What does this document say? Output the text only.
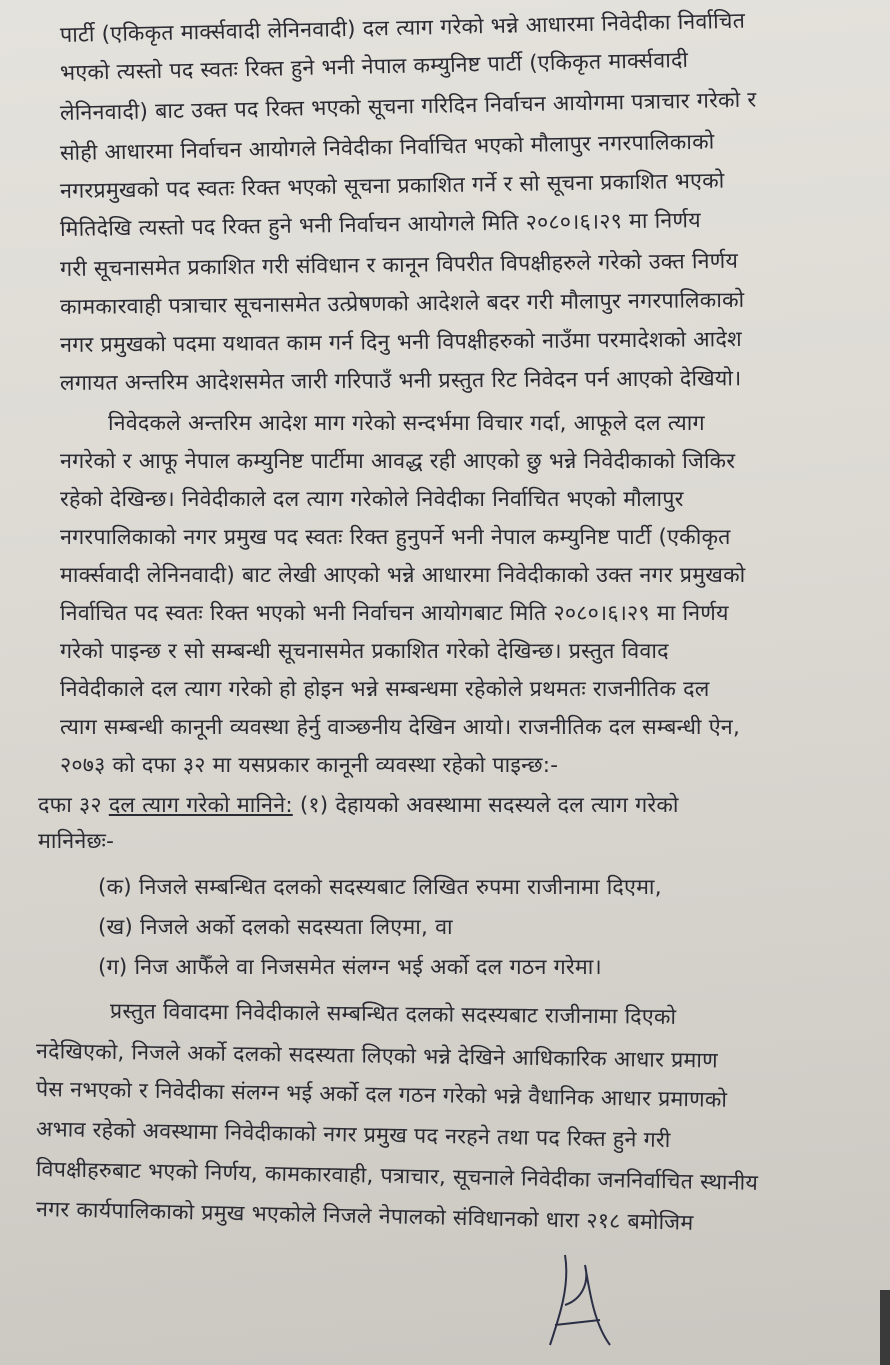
पार्टी (एकिकृत मार्क्सवादी लेनिनवादी) दल त्याग गरेको भन्ने आधारमा निवेदीका निर्वाचित
भएको त्यस्तो पद स्वतः रिक्त हुने भनी नेपाल कम्युनिष्ट पार्टी (एकिकृत मार्क्सवादी
लेनिनवादी) बाट उक्त पद रिक्त भएको सूचना गरिदिन निर्वाचन आयोगमा पत्राचार गरेको र
सोही आधारमा निर्वाचन आयोगले निवेदीका निर्वाचित भएको मौलापुर नगरपालिकाको
नगरप्रमुखको पद स्वतः रिक्त भएको सूचना प्रकाशित गर्ने र सो सूचना प्रकाशित भएको
मितिदेखि त्यस्तो पद रिक्त हुने भनी निर्वाचन आयोगले मिति २०८०।६।२९ मा निर्णय
गरी सूचनासमेत प्रकाशित गरी संविधान र कानून विपरीत विपक्षीहरुले गरेको उक्त निर्णय
कामकारवाही पत्राचार सूचनासमेत उत्प्रेषणको आदेशले बदर गरी मौलापुर नगरपालिकाको
नगर प्रमुखको पदमा यथावत काम गर्न दिनु भनी विपक्षीहरुको नाउँमा परमादेशको आदेश
लगायत अन्तरिम आदेशसमेत जारी गरिपाउँ भनी प्रस्तुत रिट निवेदन पर्न आएको देखियो।
निवेदकले अन्तरिम आदेश माग गरेको सन्दर्भमा विचार गर्दा, आफूले दल त्याग
नगरेको र आफू नेपाल कम्युनिष्ट पार्टीमा आवद्ध रही आएको छु भन्ने निवेदीकाको जिकिर
रहेको देखिन्छ। निवेदीकाले दल त्याग गरेकोले निवेदीका निर्वाचित भएको मौलापुर
नगरपालिकाको नगर प्रमुख पद स्वतः रिक्त हुनुपर्ने भनी नेपाल कम्युनिष्ट पार्टी (एकीकृत
मार्क्सवादी लेनिनवादी) बाट लेखी आएको भन्ने आधारमा निवेदीकाको उक्त नगर प्रमुखको
निर्वाचित पद स्वतः रिक्त भएको भनी निर्वाचन आयोगबाट मिति २०८०।६।२९ मा निर्णय
गरेको पाइन्छ र सो सम्बन्धी सूचनासमेत प्रकाशित गरेको देखिन्छ। प्रस्तुत विवाद
निवेदीकाले दल त्याग गरेको हो होइन भन्ने सम्बन्धमा रहेकोले प्रथमतः राजनीतिक दल
त्याग सम्बन्धी कानूनी व्यवस्था हेर्नु वाञ्छनीय देखिन आयो। राजनीतिक दल सम्बन्धी ऐन,
२०७३ को दफा ३२ मा यसप्रकार कानूनी व्यवस्था रहेको पाइन्छ:-
दफा ३२ दल त्याग गरेको मानिने: (१) देहायको अवस्थामा सदस्यले दल त्याग गरेको
मानिनेछः-
(क) निजले सम्बन्धित दलको सदस्यबाट लिखित रुपमा राजीनामा दिएमा,
(ख) निजले अर्को दलको सदस्यता लिएमा, वा
(ग) निज आफैँले वा निजसमेत संलग्न भई अर्को दल गठन गरेमा।
प्रस्तुत विवादमा निवेदीकाले सम्बन्धित दलको सदस्यबाट राजीनामा दिएको
नदेखिएको, निजले अर्को दलको सदस्यता लिएको भन्ने देखिने आधिकारिक आधार प्रमाण
पेस नभएको र निवेदीका संलग्न भई अर्को दल गठन गरेको भन्ने वैधानिक आधार प्रमाणको
अभाव रहेको अवस्थामा निवेदीकाको नगर प्रमुख पद नरहने तथा पद रिक्त हुने गरी
विपक्षीहरुबाट भएको निर्णय, कामकारवाही, पत्राचार, सूचनाले निवेदीका जननिर्वाचित स्थानीय
नगर कार्यपालिकाको प्रमुख भएकोले निजले नेपालको संविधानको धारा २१८ बमोजिम
